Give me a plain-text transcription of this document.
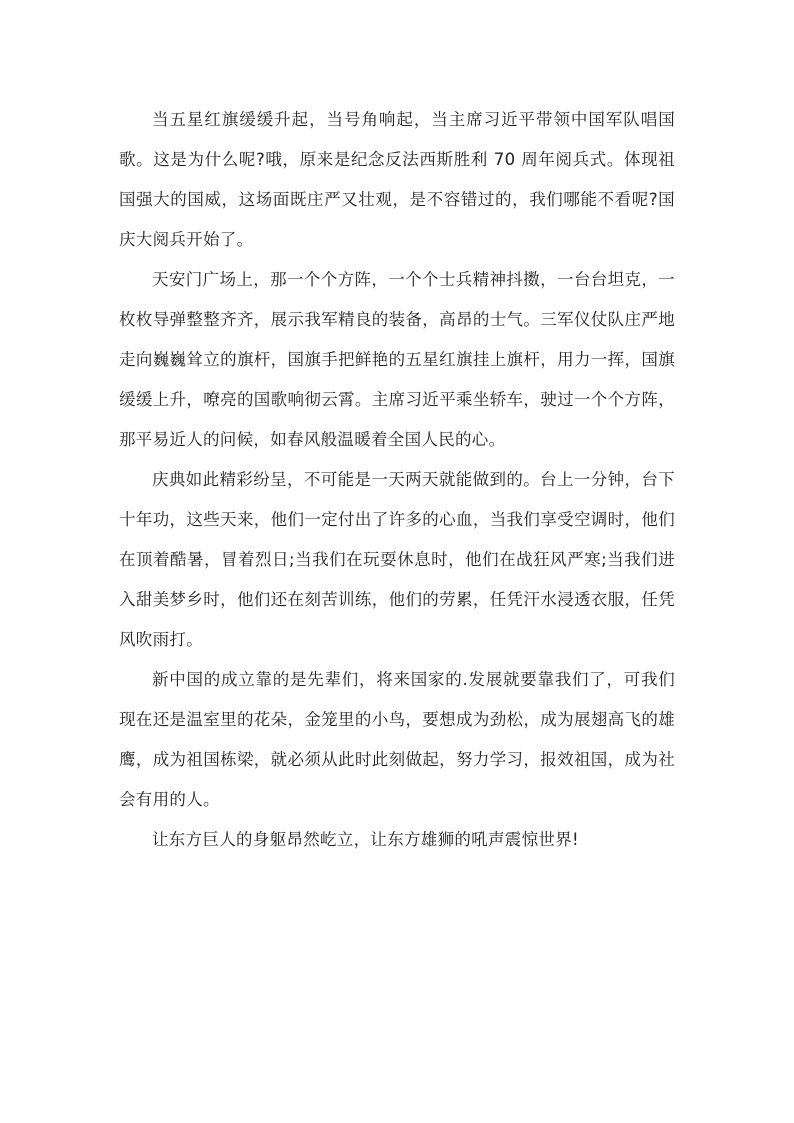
当五星红旗缓缓升起，当号角响起，当主席习近平带领中国军队唱国歌。这是为什么呢?哦，原来是纪念反法西斯胜利 70 周年阅兵式。体现祖国强大的国威，这场面既庄严又壮观，是不容错过的，我们哪能不看呢?国庆大阅兵开始了。

天安门广场上，那一个个方阵，一个个士兵精神抖擞，一台台坦克，一枚枚导弹整整齐齐，展示我军精良的装备，高昂的士气。三军仪仗队庄严地走向巍巍耸立的旗杆，国旗手把鲜艳的五星红旗挂上旗杆，用力一挥，国旗缓缓上升，嘹亮的国歌响彻云霄。主席习近平乘坐轿车，驶过一个个方阵，那平易近人的问候，如春风般温暖着全国人民的心。

庆典如此精彩纷呈，不可能是一天两天就能做到的。台上一分钟，台下十年功，这些天来，他们一定付出了许多的心血，当我们享受空调时，他们在顶着酷暑，冒着烈日;当我们在玩耍休息时，他们在战狂风严寒;当我们进入甜美梦乡时，他们还在刻苦训练，他们的劳累，任凭汗水浸透衣服，任凭风吹雨打。

新中国的成立靠的是先辈们，将来国家的.发展就要靠我们了，可我们现在还是温室里的花朵，金笼里的小鸟，要想成为劲松，成为展翅高飞的雄鹰，成为祖国栋梁，就必须从此时此刻做起，努力学习，报效祖国，成为社会有用的人。

让东方巨人的身躯昂然屹立，让东方雄狮的吼声震惊世界!
